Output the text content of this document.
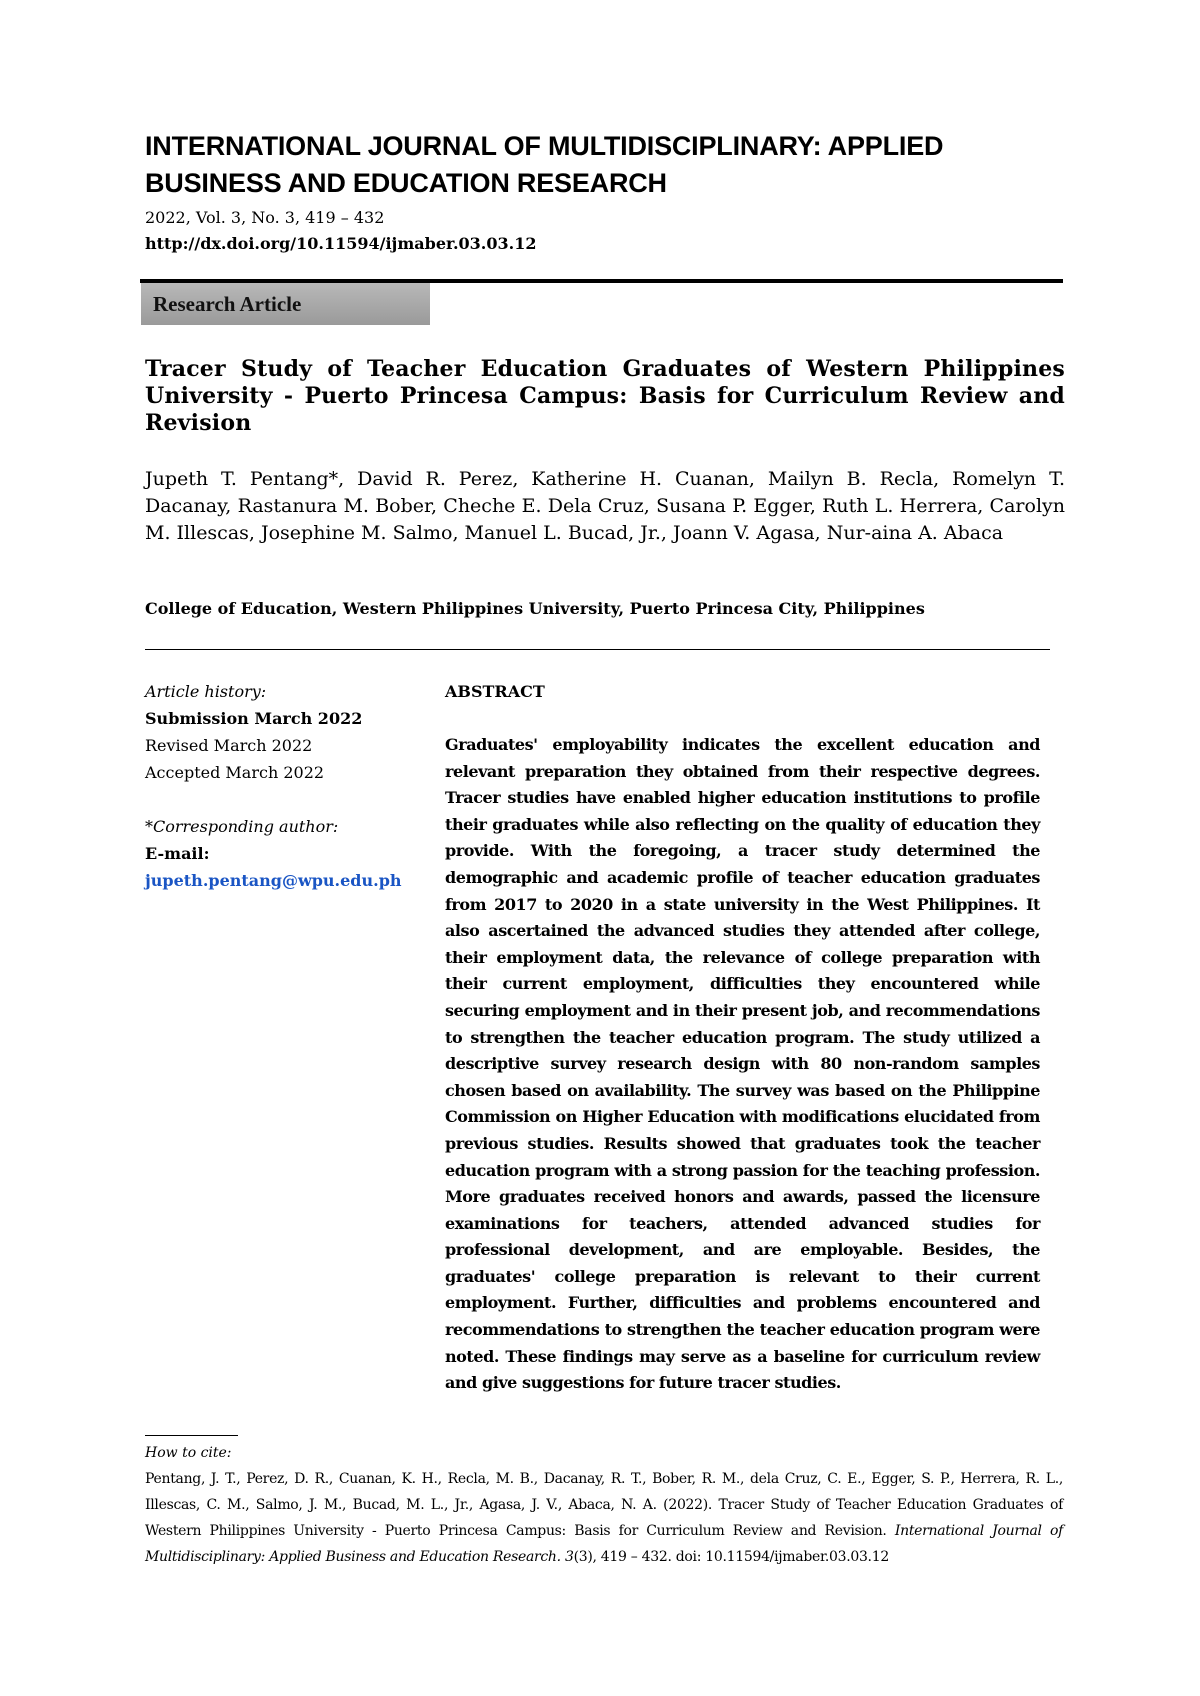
INTERNATIONAL JOURNAL OF MULTIDISCIPLINARY: APPLIED
BUSINESS AND EDUCATION RESEARCH
2022, Vol. 3, No. 3, 419 – 432
http://dx.doi.org/10.11594/ijmaber.03.03.12
Research Article
Tracer Study of Teacher Education Graduates of Western Philippines University - Puerto Princesa Campus: Basis for Curriculum Review and Revision
Jupeth T. Pentang*, David R. Perez, Katherine H. Cuanan, Mailyn B. Recla, Romelyn T. Dacanay, Rastanura M. Bober, Cheche E. Dela Cruz, Susana P. Egger, Ruth L. Herrera, Carolyn M. Illescas, Josephine M. Salmo, Manuel L. Bucad, Jr., Joann V. Agasa, Nur-aina A. Abaca
College of Education, Western Philippines University, Puerto Princesa City, Philippines
Article history:
Submission March 2022
Revised March 2022
Accepted March 2022
*Corresponding author:
E-mail:
jupeth.pentang@wpu.edu.ph
ABSTRACT
Graduates' employability indicates the excellent education and relevant preparation they obtained from their respective degrees. Tracer studies have enabled higher education institutions to profile their graduates while also reflecting on the quality of education they provide. With the foregoing, a tracer study determined the demographic and academic profile of teacher education graduates from 2017 to 2020 in a state university in the West Philippines. It also ascertained the advanced studies they attended after college, their employment data, the relevance of college preparation with their current employment, difficulties they encountered while securing employment and in their present job, and recommendations to strengthen the teacher education program. The study utilized a descriptive survey research design with 80 non-random samples chosen based on availability. The survey was based on the Philippine Commission on Higher Education with modifications elucidated from previous studies. Results showed that graduates took the teacher education program with a strong passion for the teaching profession. More graduates received honors and awards, passed the licensure examinations for teachers, attended advanced studies for professional development, and are employable. Besides, the graduates' college preparation is relevant to their current employment. Further, difficulties and problems encountered and recommendations to strengthen the teacher education program were noted. These findings may serve as a baseline for curriculum review and give suggestions for future tracer studies.
How to cite:
Pentang, J. T., Perez, D. R., Cuanan, K. H., Recla, M. B., Dacanay, R. T., Bober, R. M., dela Cruz, C. E., Egger, S. P., Herrera, R. L., Illescas, C. M., Salmo, J. M., Bucad, M. L., Jr., Agasa, J. V., Abaca, N. A. (2022). Tracer Study of Teacher Education Graduates of Western Philippines University - Puerto Princesa Campus: Basis for Curriculum Review and Revision. International Journal of Multidisciplinary: Applied Business and Education Research. 3(3), 419 – 432. doi: 10.11594/ijmaber.03.03.12
